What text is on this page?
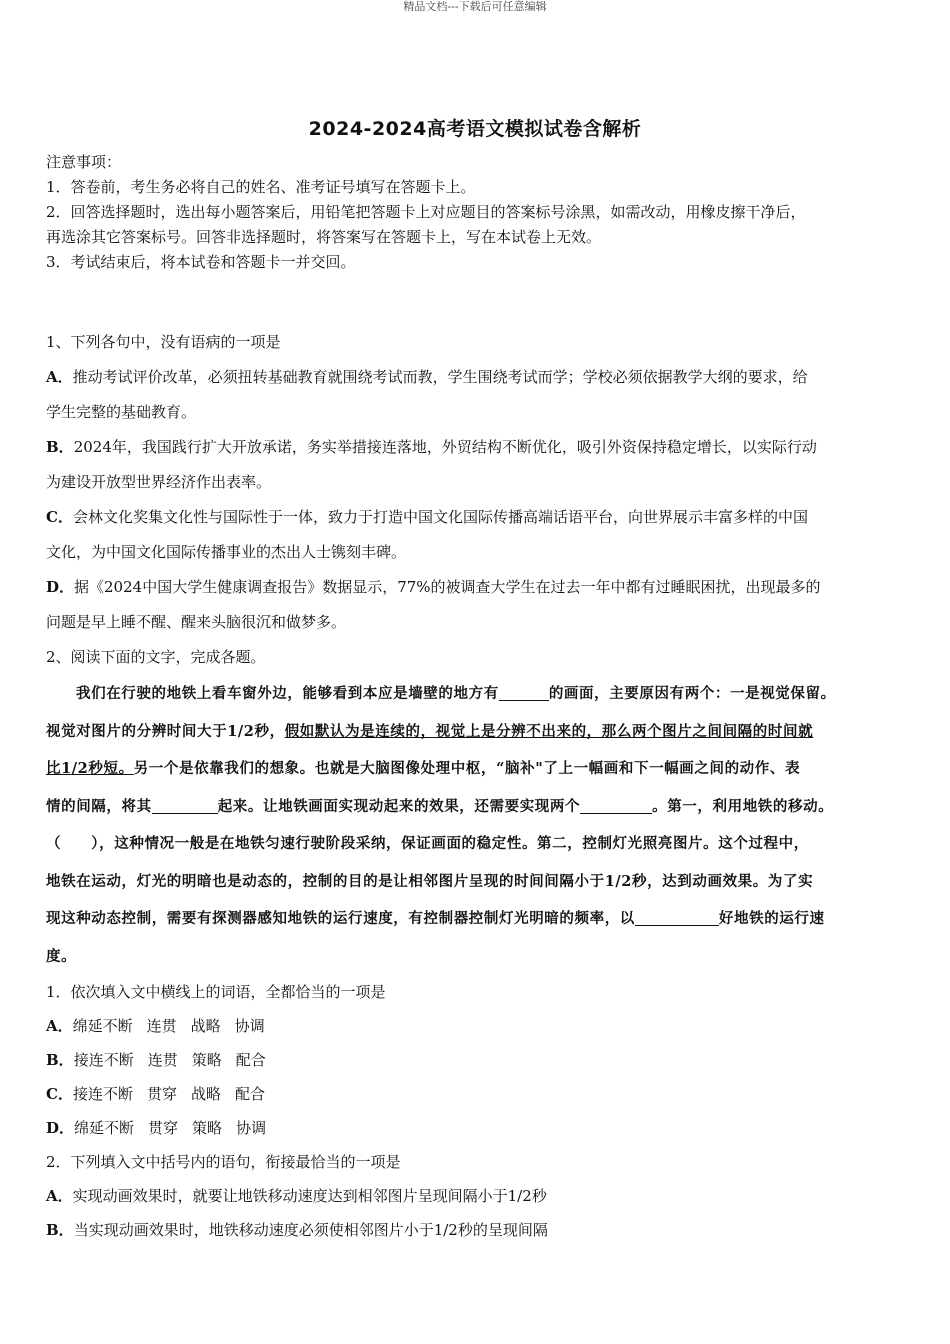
精品文档---下载后可任意编辑
2024-2024高考语文模拟试卷含解析
注意事项：
1．答卷前，考生务必将自己的姓名、准考证号填写在答题卡上。
2．回答选择题时，选出每小题答案后，用铅笔把答题卡上对应题目的答案标号涂黑，如需改动，用橡皮擦干净后，
再选涂其它答案标号。回答非选择题时，将答案写在答题卡上，写在本试卷上无效。
3．考试结束后，将本试卷和答题卡一并交回。
1、下列各句中，没有语病的一项是
A．推动考试评价改革，必须扭转基础教育就围绕考试而教，学生围绕考试而学；学校必须依据教学大纲的要求，给
学生完整的基础教育。
B．2024年，我国践行扩大开放承诺，务实举措接连落地，外贸结构不断优化，吸引外资保持稳定增长，以实际行动
为建设开放型世界经济作出表率。
C．会林文化奖集文化性与国际性于一体，致力于打造中国文化国际传播高端话语平台，向世界展示丰富多样的中国
文化，为中国文化国际传播事业的杰出人士镌刻丰碑。
D．据《2024中国大学生健康调查报告》数据显示，77%的被调查大学生在过去一年中都有过睡眠困扰，出现最多的
问题是早上睡不醒、醒来头脑很沉和做梦多。
2、阅读下面的文字，完成各题。
我们在行驶的地铁上看车窗外边，能够看到本应是墙壁的地方有	的画面，主要原因有两个：一是视觉保留。
视觉对图片的分辨时间大于1/2秒，假如默认为是连续的，视觉上是分辨不出来的，那么两个图片之间间隔的时间就
比1/2秒短。另一个是依靠我们的想象。也就是大脑图像处理中枢，“脑补"了上一幅画和下一幅画之间的动作、表
情的间隔，将其	起来。让地铁画面实现动起来的效果，还需要实现两个	。第一，利用地铁的移动。
（　　），这种情况一般是在地铁匀速行驶阶段采纳，保证画面的稳定性。第二，控制灯光照亮图片。这个过程中，
地铁在运动，灯光的明暗也是动态的，控制的目的是让相邻图片呈现的时间间隔小于1/2秒，达到动画效果。为了实
现这种动态控制，需要有探测器感知地铁的运行速度，有控制器控制灯光明暗的频率，以	好地铁的运行速
度。
1．依次填入文中横线上的词语，全都恰当的一项是
A．绵延不断 连贯 战略 协调
B．接连不断 连贯 策略 配合
C．接连不断 贯穿 战略 配合
D．绵延不断 贯穿 策略 协调
2．下列填入文中括号内的语句，衔接最恰当的一项是
A．实现动画效果时，就要让地铁移动速度达到相邻图片呈现间隔小于1/2秒
B．当实现动画效果时，地铁移动速度必须使相邻图片小于1/2秒的呈现间隔
